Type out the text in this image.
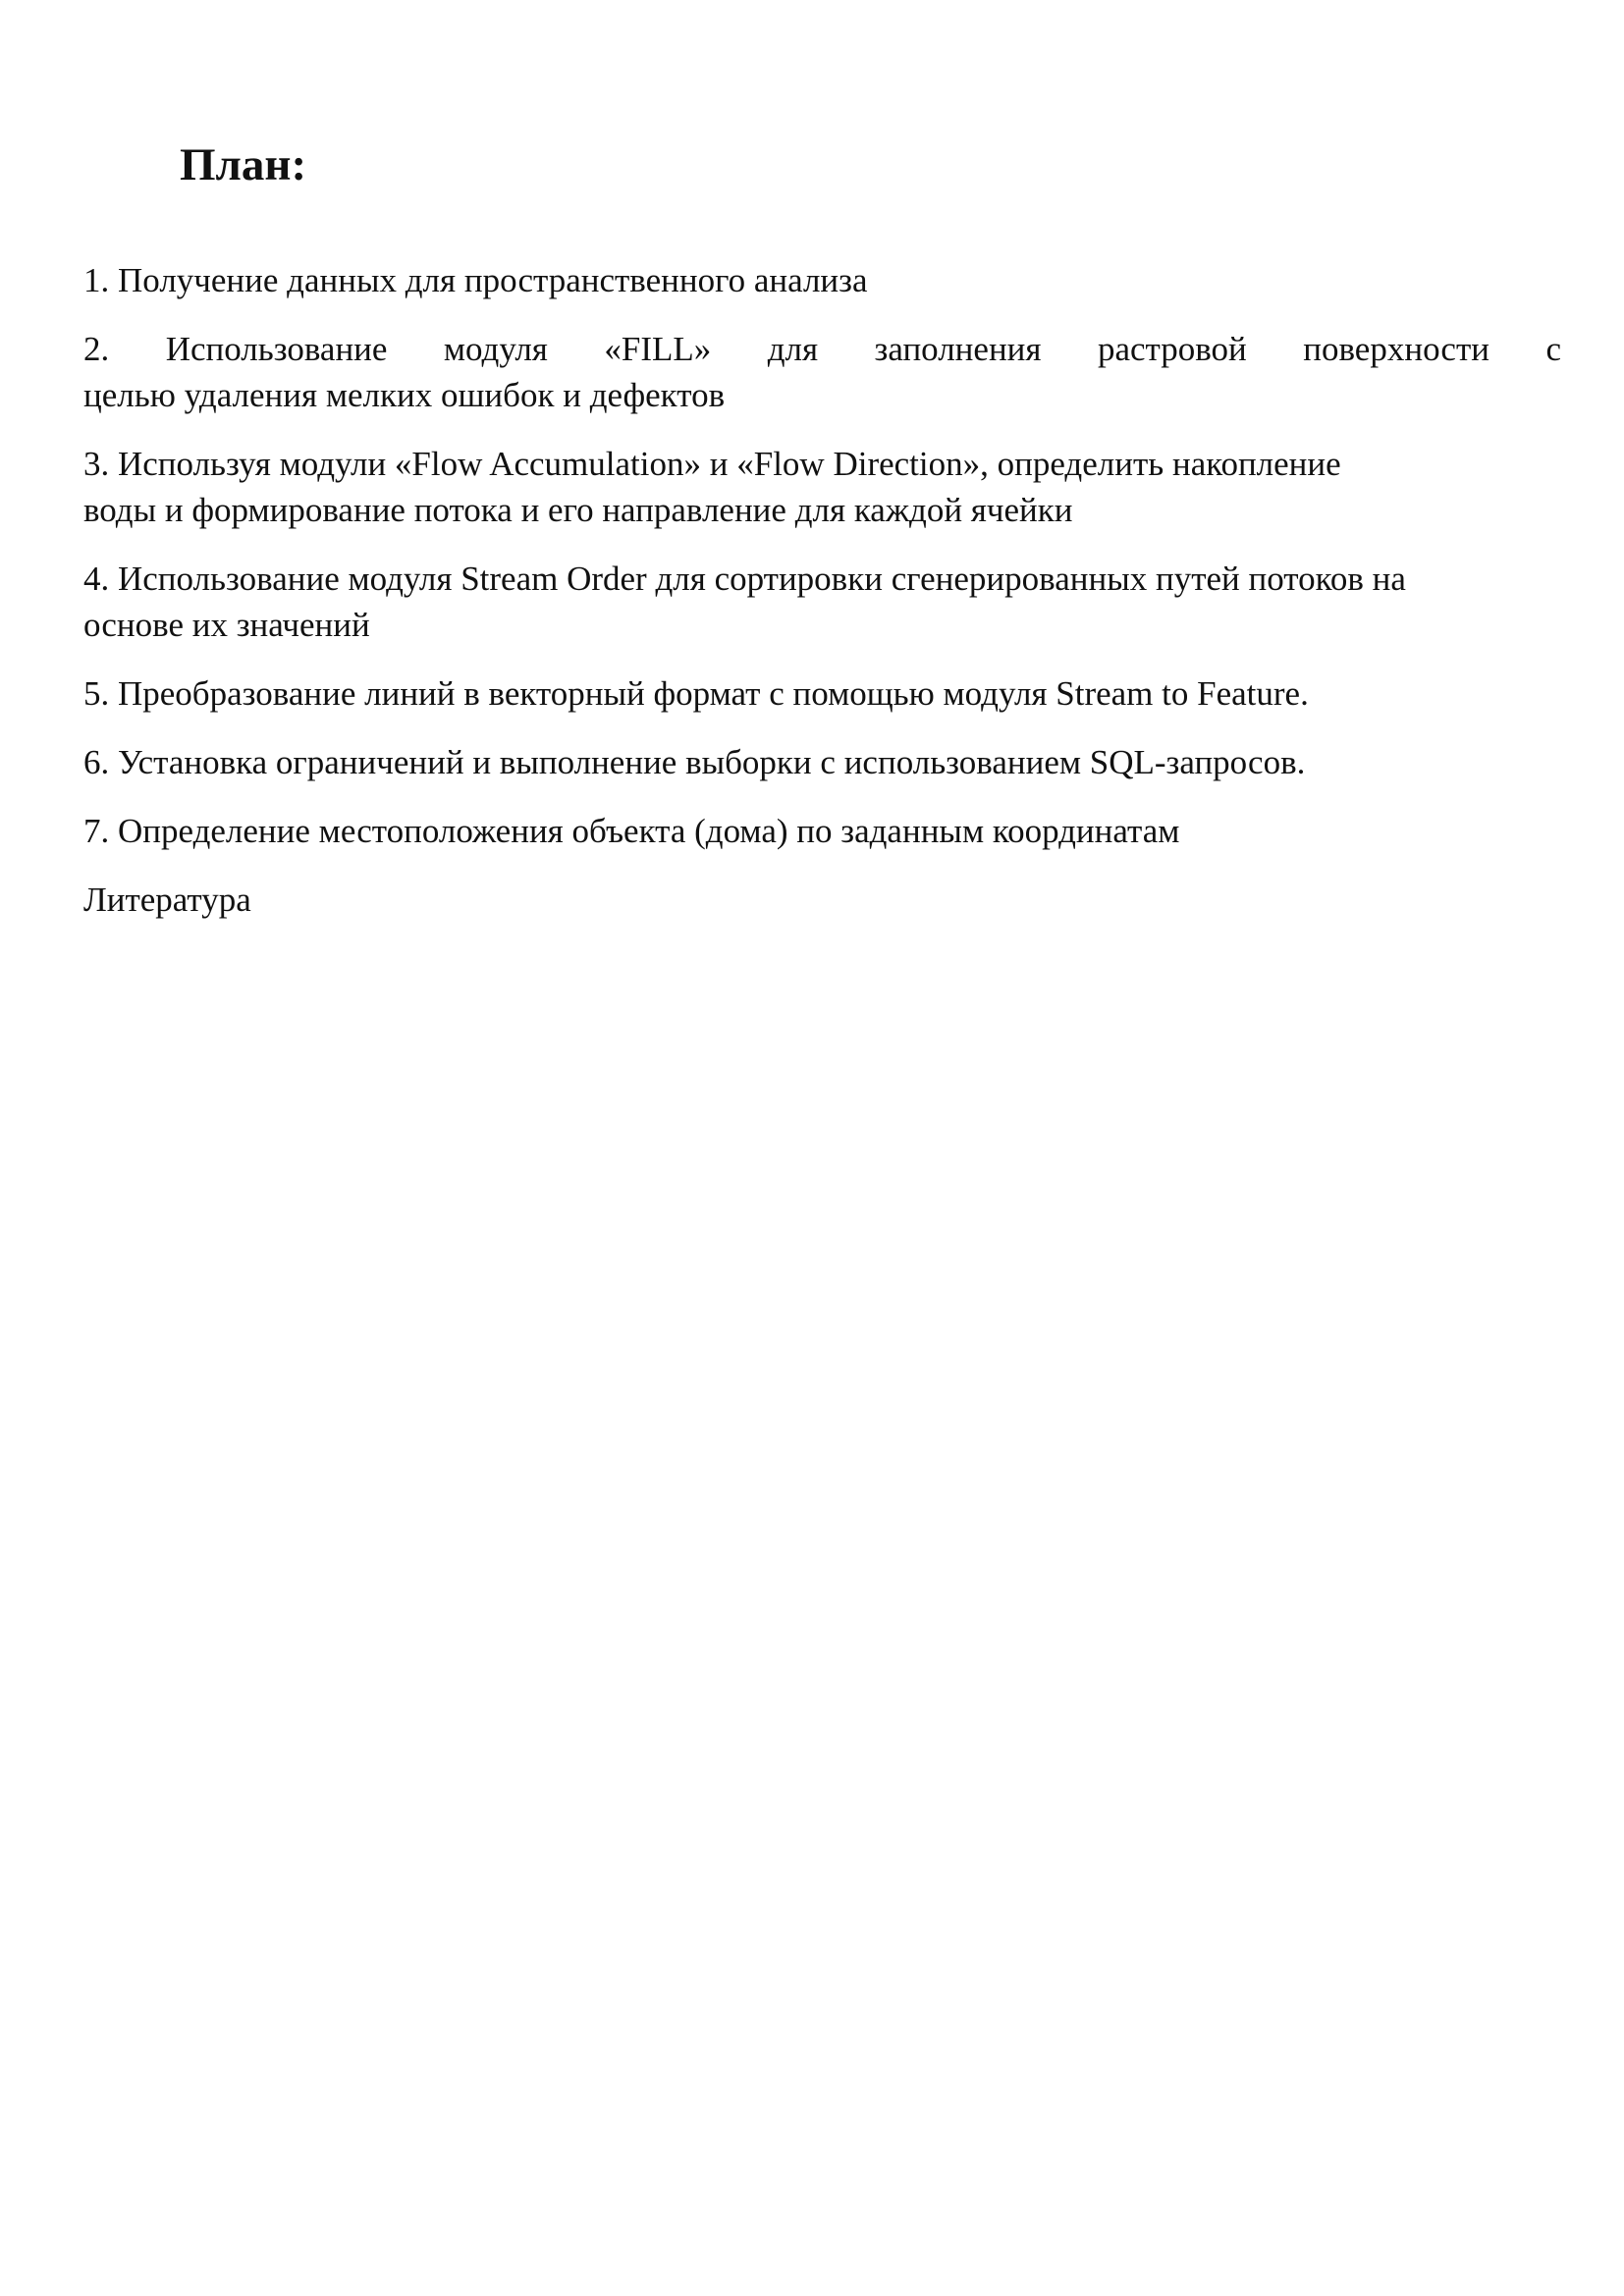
План:

1. Получение данных для пространственного анализа

2. Использование модуля «FILL» для заполнения растровой поверхности с
целью удаления мелких ошибок и дефектов

3. Используя модули «Flow Accumulation» и «Flow Direction», определить накопление
воды и формирование потока и его направление для каждой ячейки

4. Использование модуля Stream Order для сортировки сгенерированных путей потоков на
основе их значений

5. Преобразование линий в векторный формат с помощью модуля Stream to Feature.

6. Установка ограничений и выполнение выборки с использованием SQL-запросов.

7. Определение местоположения объекта (дома) по заданным координатам

Литература
